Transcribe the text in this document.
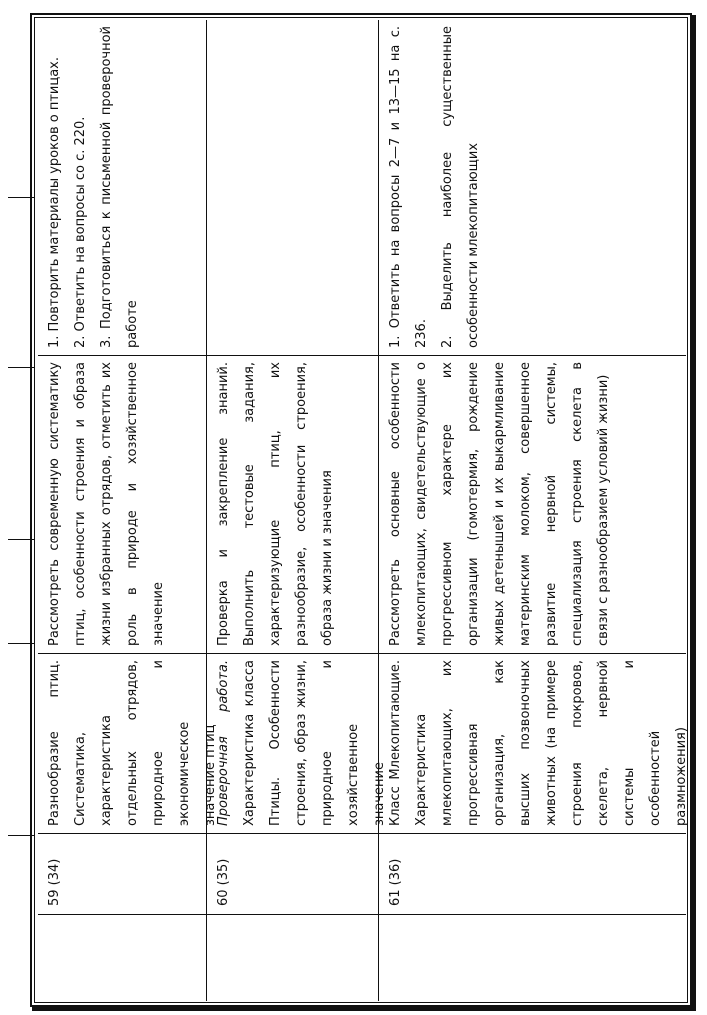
59 (34)
Разнообразие птиц. Систематика, характеристика отдельных отрядов, природное и экономическое значение птиц
Рассмотреть современную систематику птиц, особенности строения и образа жизни избранных отрядов, отметить их роль в природе и хозяйственное значение
1. Повторить материалы уроков о птицах. 2. Ответить на вопросы со с. 220. 3. Подготовиться к письменной проверочной работе
60 (35)
Проверочная работа. Характеристика класса Птицы. Особенности строения, образ жизни, природное и хозяйственное значение
Проверка и закрепление знаний. Выполнить тестовые задания, характеризующие птиц, их разнообразие, особенности строения, образа жизни и значения
61 (36)
Класс Млекопитающие. Характеристика млекопитающих, их прогрессивная организация, как высших позвоночных животных (на примере строения покровов, скелета, нервной системы и особенностей размножения)
Рассмотреть основные особенности млекопитающих, свидетельствующие о прогрессивном характере их организации (гомотермия, рождение живых детенышей и их выкармливание материнским молоком, совершенное развитие нервной системы, специализация строения скелета в связи с разнообразием условий жизни)
1. Ответить на вопросы 2—7 и 13—15 на с. 236. 2. Выделить наиболее существенные особенности млекопитающих
